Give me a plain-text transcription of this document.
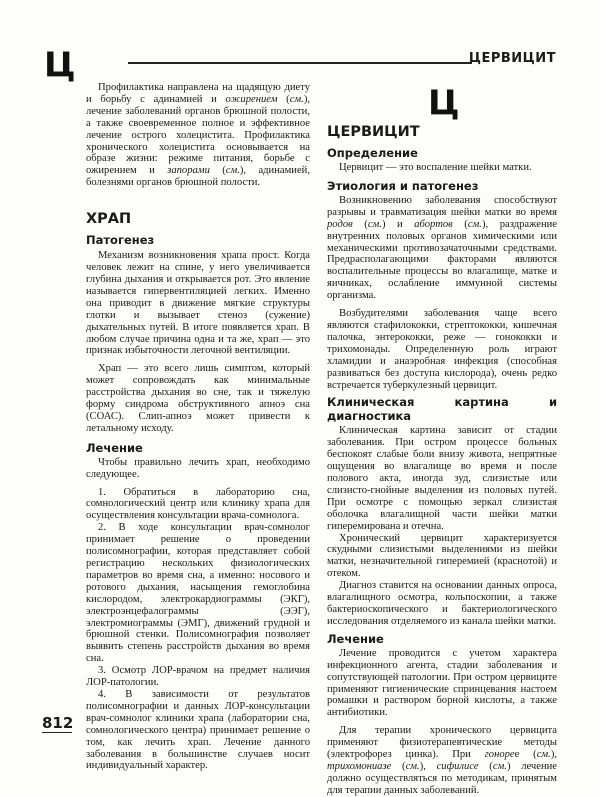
Ц	ЦЕРВИЦИТ
Ц

Профилактика направлена на щадящую диету и борьбу с адинамией и ожирением (см.), лечение заболеваний органов брюшной полости, а также своевременное полное и эффективное лечение острого холецистита. Профилактика хронического холецистита основывается на образе жизни: режиме питания, борьбе с ожирением и запорами (см.), адинамией, болезнями органов брюшной полости.

ХРАП
Патогенез

Механизм возникновения храпа прост. Когда человек лежит на спине, у него увеличивается глубина дыхания и открывается рот. Это явление называется гипервентиляцией легких. Именно она приводит в движение мягкие структуры глотки и вызывает стеноз (сужение) дыхательных путей. В итоге появляется храп. В любом случае причина одна и та же, храп — это признак избыточности легочной вентиляции.

Храп — это всего лишь симптом, который может сопровождать как минимальные расстройства дыхания во сне, так и тяжелую форму синдрома обструктивного апноэ сна (СОАС). Слип-апноэ может привести к летальному исходу.

Лечение

Чтобы правильно лечить храп, необходимо следующее.

1. Обратиться в лабораторию сна, сомнологический центр или клинику храпа для осуществления консультации врача-сомнолога.

2. В ходе консультации врач-сомнолог принимает решение о проведении полисомнографии, которая представляет собой регистрацию нескольких физиологических параметров во время сна, а именно: носового и ротового дыхания, насыщения гемоглобина кислородом, электрокардиограммы (ЭКГ), электроэнцефалограммы (ЭЭГ), электромиограммы (ЭМГ), движений грудной и брюшной стенки. Полисомнография позволяет выявить степень расстройств дыхания во время сна.

3. Осмотр ЛОР-врачом на предмет наличия ЛОР-патологии.

4. В зависимости от результатов полисомнографии и данных ЛОР-консультации врач-сомнолог клиники храпа (лаборатории сна, сомнологического центра) принимает решение о том, как лечить храп. Лечение данного заболевания в большинстве случаев носит индивидуальный характер.

ЦЕРВИЦИТ
Определение

Цервицит — это воспаление шейки матки.

Этиология и патогенез

Возникновению заболевания способствуют разрывы и травматизация шейки матки во время родов (см.) и абортов (см.), раздражение внутренних половых органов химическими или механическими противозачаточными средствами. Предрасполагающими факторами являются воспалительные процессы во влагалище, матке и яичниках, ослабление иммунной системы организма.

Возбудителями заболевания чаще всего являются стафилококки, стрептококки, кишечная палочка, энтерококки, реже — гонококки и трихомонады. Определенную роль играют хламидии и анаэробная инфекция (способная развиваться без доступа кислорода), очень редко встречается туберкулезный цервицит.

Клиническая картина и диагностика

Клиническая картина зависит от стадии заболевания. При остром процессе больных беспокоят слабые боли внизу живота, непрятные ощущения во влагалище во время и после полового акта, иногда зуд, слизистые или слизисто-гнойные выделения из половых путей. При осмотре с помощью зеркал слизистая оболочка влагалищной части шейки матки гиперемирована и отечна.

Хронический цервицит характеризуется скудными слизистыми выделениями из шейки матки, незначительной гиперемией (краснотой) и отеком.

Диагноз ставится на основании данных опроса, влагалищного осмотра, кольпоскопии, а также бактериоскопического и бактериологического исследования отделяемого из канала шейки матки.

Лечение

Лечение проводится с учетом характера инфекционного агента, стадии заболевания и сопутствующей патологии. При остром цервиците применяют гигиенические спринцевания настоем ромашки и раствором борной кислоты, а также антибиотики.

Для терапии хронического цервицита применяют физиотерапевтические методы (электрофорез цинка). При гонорее (см.), трихомониазе (см.), сифилисе (см.) лечение должно осуществляться по методикам, принятым для терапии данных заболеваний.

812
